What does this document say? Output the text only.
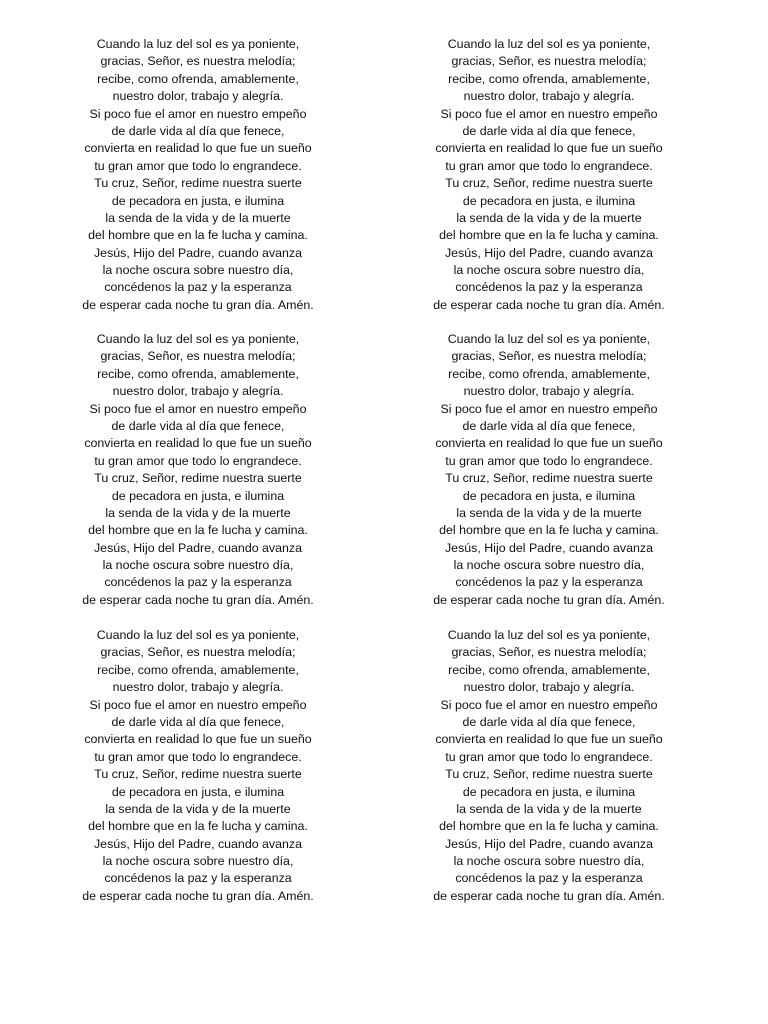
Cuando la luz del sol es ya poniente,
gracias, Señor, es nuestra melodía;
recibe, como ofrenda, amablemente,
nuestro dolor, trabajo y alegría.
Si poco fue el amor en nuestro empeño
de darle vida al día que fenece,
convierta en realidad lo que fue un sueño
tu gran amor que todo lo engrandece.
Tu cruz, Señor, redime nuestra suerte
de pecadora en justa, e ilumina
la senda de la vida y de la muerte
del hombre que en la fe lucha y camina.
Jesús, Hijo del Padre, cuando avanza
la noche oscura sobre nuestro día,
concédenos la paz y la esperanza
de esperar cada noche tu gran día. Amén.
Cuando la luz del sol es ya poniente,
gracias, Señor, es nuestra melodía;
recibe, como ofrenda, amablemente,
nuestro dolor, trabajo y alegría.
Si poco fue el amor en nuestro empeño
de darle vida al día que fenece,
convierta en realidad lo que fue un sueño
tu gran amor que todo lo engrandece.
Tu cruz, Señor, redime nuestra suerte
de pecadora en justa, e ilumina
la senda de la vida y de la muerte
del hombre que en la fe lucha y camina.
Jesús, Hijo del Padre, cuando avanza
la noche oscura sobre nuestro día,
concédenos la paz y la esperanza
de esperar cada noche tu gran día. Amén.
Cuando la luz del sol es ya poniente,
gracias, Señor, es nuestra melodía;
recibe, como ofrenda, amablemente,
nuestro dolor, trabajo y alegría.
Si poco fue el amor en nuestro empeño
de darle vida al día que fenece,
convierta en realidad lo que fue un sueño
tu gran amor que todo lo engrandece.
Tu cruz, Señor, redime nuestra suerte
de pecadora en justa, e ilumina
la senda de la vida y de la muerte
del hombre que en la fe lucha y camina.
Jesús, Hijo del Padre, cuando avanza
la noche oscura sobre nuestro día,
concédenos la paz y la esperanza
de esperar cada noche tu gran día. Amén.
Cuando la luz del sol es ya poniente,
gracias, Señor, es nuestra melodía;
recibe, como ofrenda, amablemente,
nuestro dolor, trabajo y alegría.
Si poco fue el amor en nuestro empeño
de darle vida al día que fenece,
convierta en realidad lo que fue un sueño
tu gran amor que todo lo engrandece.
Tu cruz, Señor, redime nuestra suerte
de pecadora en justa, e ilumina
la senda de la vida y de la muerte
del hombre que en la fe lucha y camina.
Jesús, Hijo del Padre, cuando avanza
la noche oscura sobre nuestro día,
concédenos la paz y la esperanza
de esperar cada noche tu gran día. Amén.
Cuando la luz del sol es ya poniente,
gracias, Señor, es nuestra melodía;
recibe, como ofrenda, amablemente,
nuestro dolor, trabajo y alegría.
Si poco fue el amor en nuestro empeño
de darle vida al día que fenece,
convierta en realidad lo que fue un sueño
tu gran amor que todo lo engrandece.
Tu cruz, Señor, redime nuestra suerte
de pecadora en justa, e ilumina
la senda de la vida y de la muerte
del hombre que en la fe lucha y camina.
Jesús, Hijo del Padre, cuando avanza
la noche oscura sobre nuestro día,
concédenos la paz y la esperanza
de esperar cada noche tu gran día. Amén.
Cuando la luz del sol es ya poniente,
gracias, Señor, es nuestra melodía;
recibe, como ofrenda, amablemente,
nuestro dolor, trabajo y alegría.
Si poco fue el amor en nuestro empeño
de darle vida al día que fenece,
convierta en realidad lo que fue un sueño
tu gran amor que todo lo engrandece.
Tu cruz, Señor, redime nuestra suerte
de pecadora en justa, e ilumina
la senda de la vida y de la muerte
del hombre que en la fe lucha y camina.
Jesús, Hijo del Padre, cuando avanza
la noche oscura sobre nuestro día,
concédenos la paz y la esperanza
de esperar cada noche tu gran día. Amén.
